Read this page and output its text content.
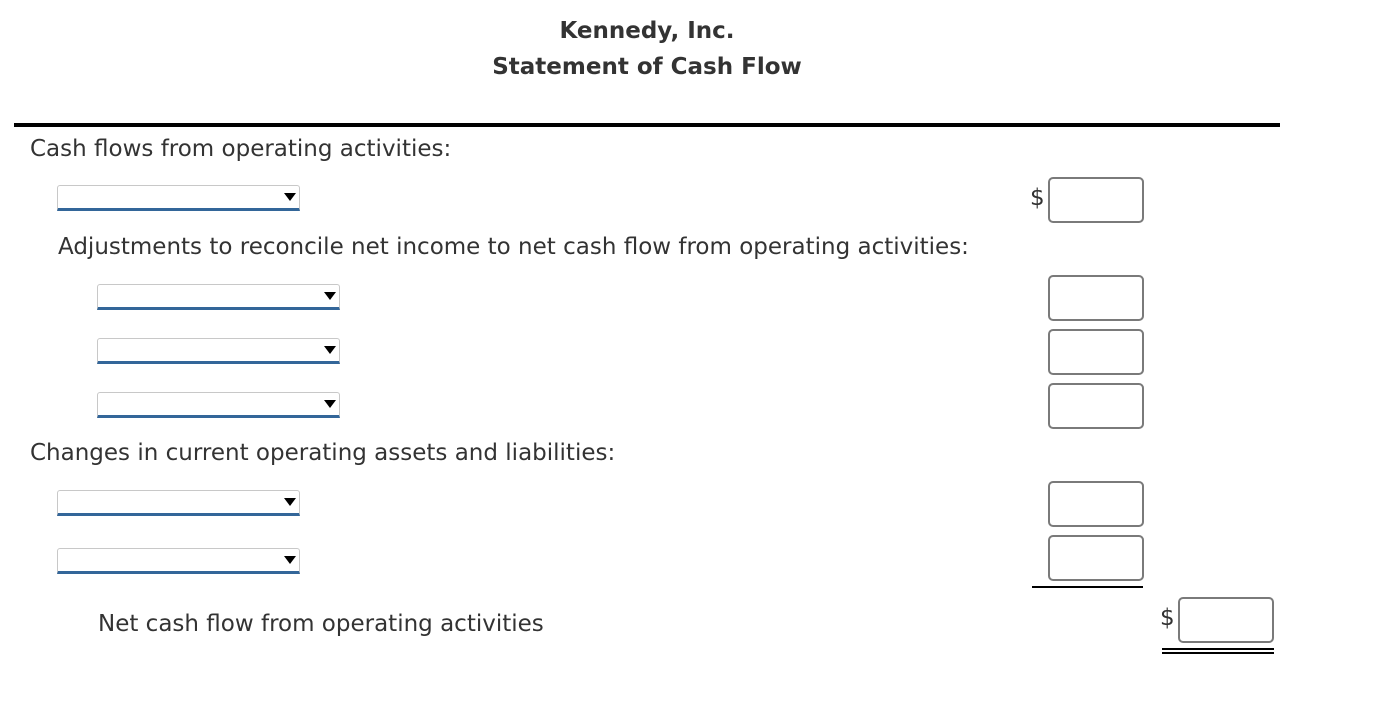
Kennedy, Inc.
Statement of Cash Flow
Cash flows from operating activities:
$
Adjustments to reconcile net income to net cash flow from operating activities:
Changes in current operating assets and liabilities:
Net cash flow from operating activities	$
